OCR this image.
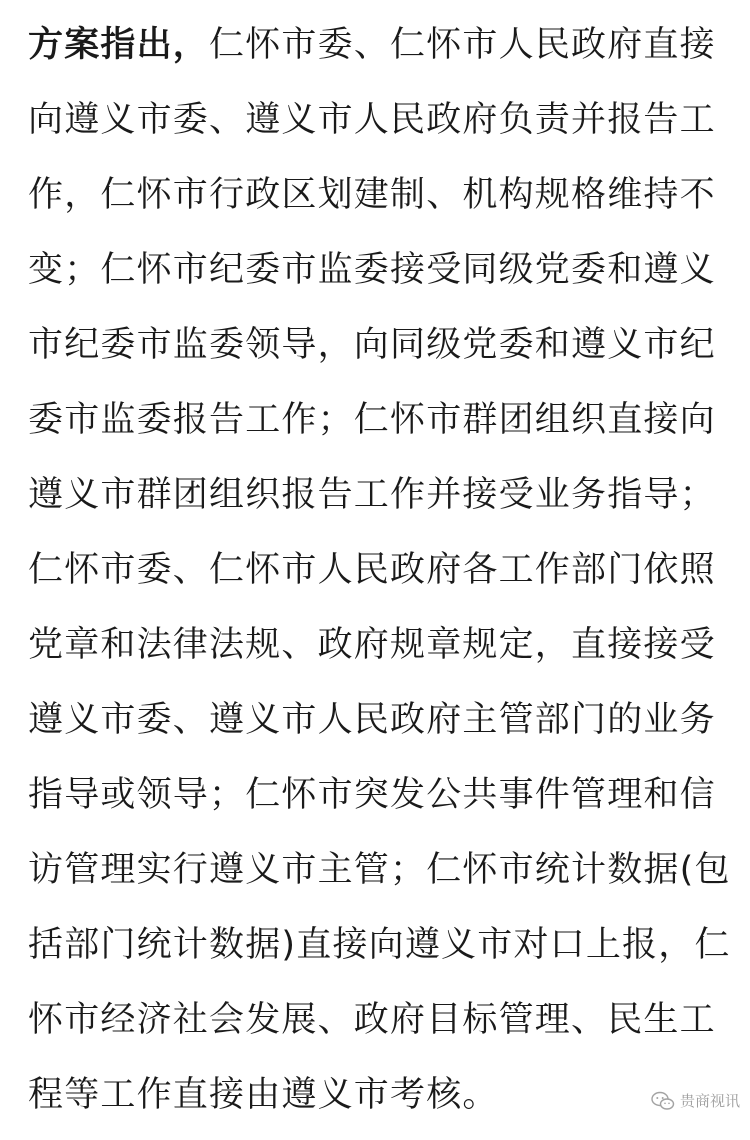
方案指出，仁怀市委、仁怀市人民政府直接
向遵义市委、遵义市人民政府负责并报告工
作，仁怀市行政区划建制、机构规格维持不
变；仁怀市纪委市监委接受同级党委和遵义
市纪委市监委领导，向同级党委和遵义市纪
委市监委报告工作；仁怀市群团组织直接向
遵义市群团组织报告工作并接受业务指导；
仁怀市委、仁怀市人民政府各工作部门依照
党章和法律法规、政府规章规定，直接接受
遵义市委、遵义市人民政府主管部门的业务
指导或领导；仁怀市突发公共事件管理和信
访管理实行遵义市主管；仁怀市统计数据(包
括部门统计数据)直接向遵义市对口上报，仁
怀市经济社会发展、政府目标管理、民生工
程等工作直接由遵义市考核。	贵商视讯
